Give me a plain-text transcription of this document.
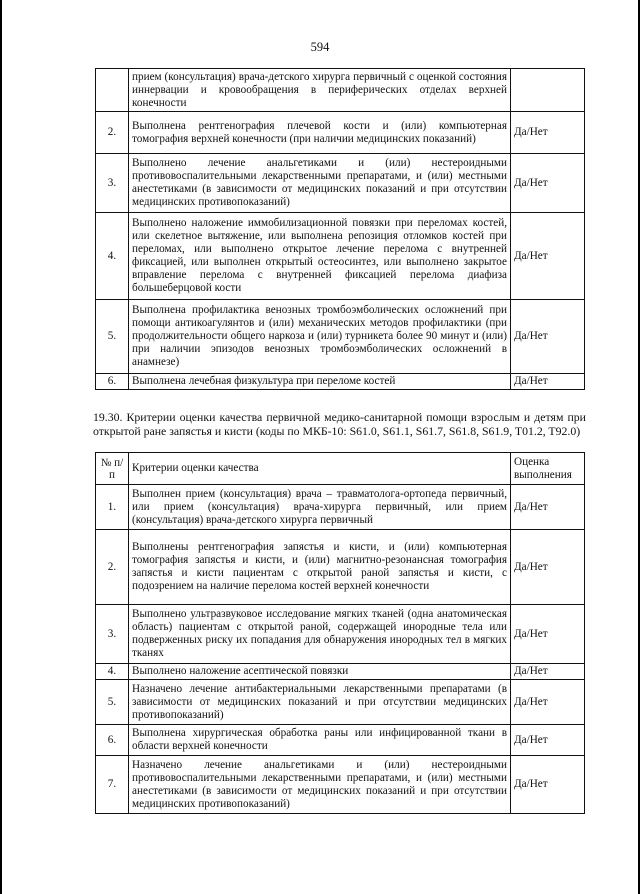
594
	прием (консультация) врача-детского хирурга первичный с оценкой состояния иннервации и кровообращения в периферических отделах верхней конечности	
2.	Выполнена рентгенография плечевой кости и (или) компьютерная томография верхней конечности (при наличии медицинских показаний)	Да/Нет
3.	Выполнено лечение анальгетиками и (или) нестероидными противовоспалительными лекарственными препаратами, и (или) местными анестетиками (в зависимости от медицинских показаний и при отсутствии медицинских противопоказаний)	Да/Нет
4.	Выполнено наложение иммобилизационной повязки при переломах костей, или скелетное вытяжение, или выполнена репозиция отломков костей при переломах, или выполнено открытое лечение перелома с внутренней фиксацией, или выполнен открытый остеосинтез, или выполнено закрытое вправление перелома с внутренней фиксацией перелома диафиза большеберцовой кости	Да/Нет
5.	Выполнена профилактика венозных тромбоэмболических осложнений при помощи антикоагулянтов и (или) механических методов профилактики (при продолжительности общего наркоза и (или) турникета более 90 минут и (или) при наличии эпизодов венозных тромбоэмболических осложнений в анамнезе)	Да/Нет
6.	Выполнена лечебная физкультура при переломе костей	Да/Нет
19.30. Критерии оценки качества первичной медико-санитарной помощи взрослым и детям при открытой ране запястья и кисти (коды по МКБ-10: S61.0, S61.1, S61.7, S61.8, S61.9, T01.2, T92.0)
№ п/п	Критерии оценки качества	Оценка выполнения
1.	Выполнен прием (консультация) врача – травматолога-ортопеда первичный, или прием (консультация) врача-хирурга первичный, или прием (консультация) врача-детского хирурга первичный	Да/Нет
2.	Выполнены рентгенография запястья и кисти, и (или) компьютерная томография запястья и кисти, и (или) магнитно-резонансная томография запястья и кисти пациентам с открытой раной запястья и кисти, с подозрением на наличие перелома костей верхней конечности	Да/Нет
3.	Выполнено ультразвуковое исследование мягких тканей (одна анатомическая область) пациентам с открытой раной, содержащей инородные тела или подверженных риску их попадания для обнаружения инородных тел в мягких тканях	Да/Нет
4.	Выполнено наложение асептической повязки	Да/Нет
5.	Назначено лечение антибактериальными лекарственными препаратами (в зависимости от медицинских показаний и при отсутствии медицинских противопоказаний)	Да/Нет
6.	Выполнена хирургическая обработка раны или инфицированной ткани в области верхней конечности	Да/Нет
7.	Назначено лечение анальгетиками и (или) нестероидными противовоспалительными лекарственными препаратами, и (или) местными анестетиками (в зависимости от медицинских показаний и при отсутствии медицинских противопоказаний)	Да/Нет
